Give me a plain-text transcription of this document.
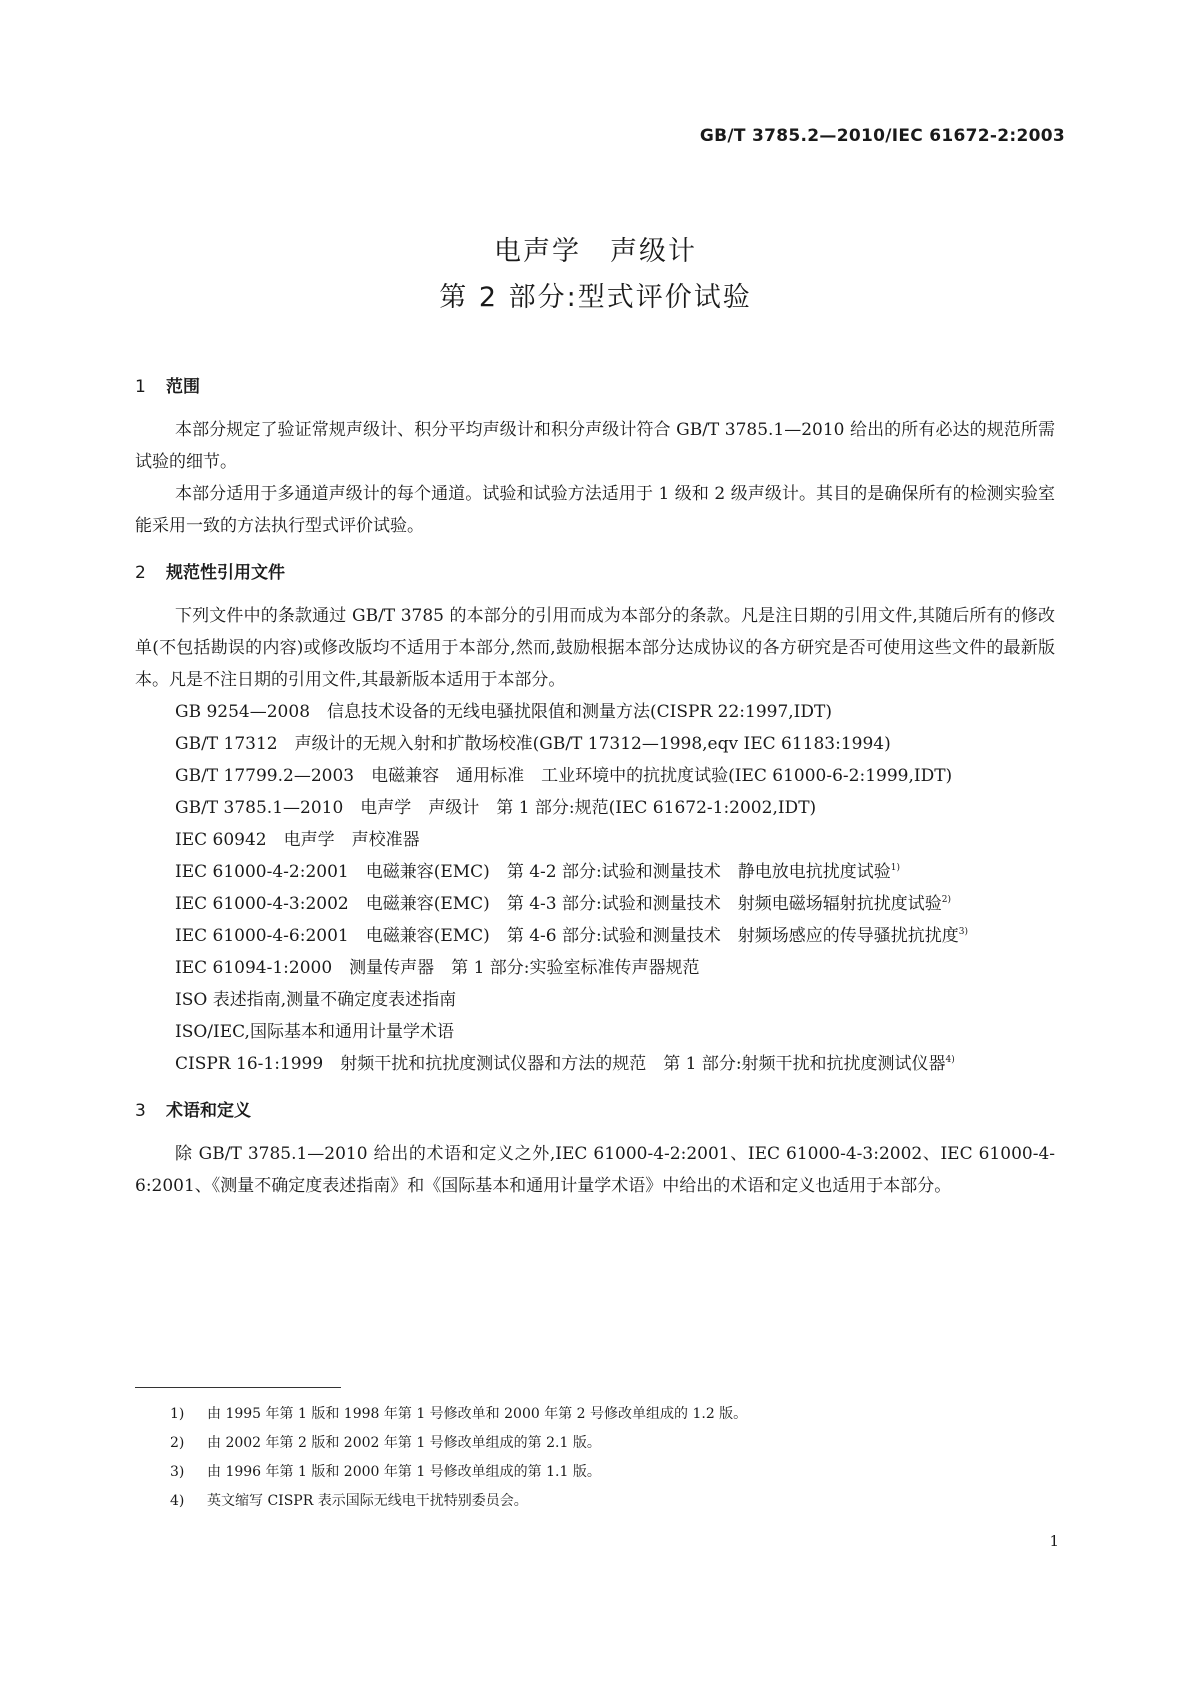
GB/T 3785.2—2010/IEC 61672-2:2003
电声学　声级计
第 2 部分:型式评价试验
1 范围

本部分规定了验证常规声级计、积分平均声级计和积分声级计符合 GB/T 3785.1—2010 给出的所有必达的规范所需试验的细节。

本部分适用于多通道声级计的每个通道。试验和试验方法适用于 1 级和 2 级声级计。其目的是确保所有的检测实验室能采用一致的方法执行型式评价试验。

2 规范性引用文件

下列文件中的条款通过 GB/T 3785 的本部分的引用而成为本部分的条款。凡是注日期的引用文件,其随后所有的修改单(不包括勘误的内容)或修改版均不适用于本部分,然而,鼓励根据本部分达成协议的各方研究是否可使用这些文件的最新版本。凡是不注日期的引用文件,其最新版本适用于本部分。

GB 9254—2008　信息技术设备的无线电骚扰限值和测量方法(CISPR 22:1997,IDT)
GB/T 17312　声级计的无规入射和扩散场校准(GB/T 17312—1998,eqv IEC 61183:1994)
GB/T 17799.2—2003　电磁兼容　通用标准　工业环境中的抗扰度试验(IEC 61000-6-2:1999,IDT)
GB/T 3785.1—2010　电声学　声级计　第 1 部分:规范(IEC 61672-1:2002,IDT)
IEC 60942　电声学　声校准器
IEC 61000-4-2:2001　电磁兼容(EMC)　第 4-2 部分:试验和测量技术　静电放电抗扰度试验$^{1)}$
IEC 61000-4-3:2002　电磁兼容(EMC)　第 4-3 部分:试验和测量技术　射频电磁场辐射抗扰度试验$^{2)}$
IEC 61000-4-6:2001　电磁兼容(EMC)　第 4-6 部分:试验和测量技术　射频场感应的传导骚扰抗扰度$^{3)}$
IEC 61094-1:2000　测量传声器　第 1 部分:实验室标准传声器规范
ISO 表述指南,测量不确定度表述指南
ISO/IEC,国际基本和通用计量学术语
CISPR 16-1:1999　射频干扰和抗扰度测试仪器和方法的规范　第 1 部分:射频干扰和抗扰度测试仪器$^{4)}$
3 术语和定义

除 GB/T 3785.1—2010 给出的术语和定义之外,IEC 61000-4-2:2001、IEC 61000-4-3:2002、IEC 61000-4-6:2001、《测量不确定度表述指南》和《国际基本和通用计量学术语》中给出的术语和定义也适用于本部分。

1) 由 1995 年第 1 版和 1998 年第 1 号修改单和 2000 年第 2 号修改单组成的 1.2 版。
2) 由 2002 年第 2 版和 2002 年第 1 号修改单组成的第 2.1 版。
3) 由 1996 年第 1 版和 2000 年第 1 号修改单组成的第 1.1 版。
4) 英文缩写 CISPR 表示国际无线电干扰特别委员会。
1
